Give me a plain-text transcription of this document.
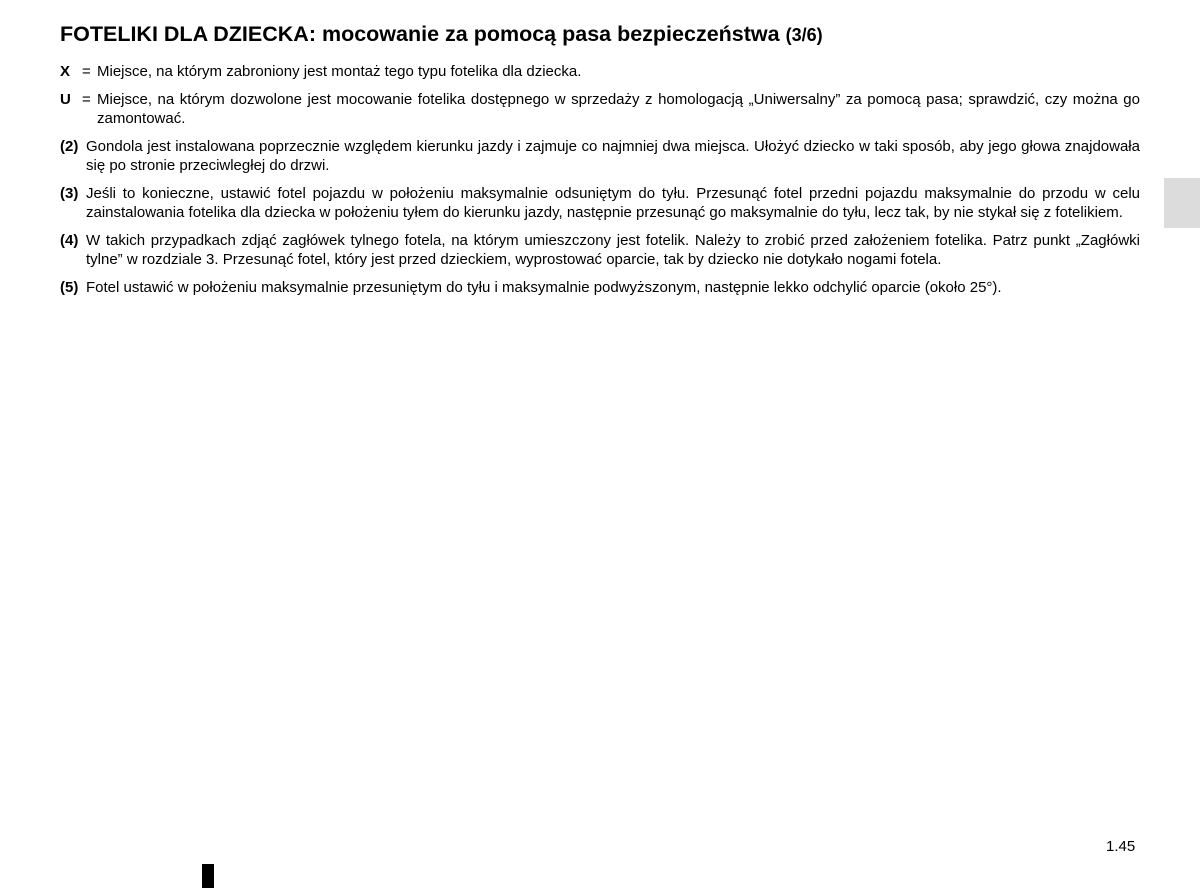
FOTELIKI DLA DZIECKA: mocowanie za pomocą pasa bezpieczeństwa (3/6)
X = Miejsce, na którym zabroniony jest montaż tego typu fotelika dla dziecka.
U = Miejsce, na którym dozwolone jest mocowanie fotelika dostępnego w sprzedaży z homologacją „Uniwersalny” za pomocą pasa; sprawdzić, czy można go zamontować.
(2) Gondola jest instalowana poprzecznie względem kierunku jazdy i zajmuje co najmniej dwa miejsca. Ułożyć dziecko w taki sposób, aby jego głowa znajdowała się po stronie przeciwległej do drzwi.
(3) Jeśli to konieczne, ustawić fotel pojazdu w położeniu maksymalnie odsuniętym do tyłu. Przesunąć fotel przedni pojazdu maksymalnie do przodu w celu zainstalowania fotelika dla dziecka w położeniu tyłem do kierunku jazdy, następnie przesunąć go maksymalnie do tyłu, lecz tak, by nie stykał się z fotelikiem.
(4) W takich przypadkach zdjąć zagłówek tylnego fotela, na którym umieszczony jest fotelik. Należy to zrobić przed założeniem fotelika. Patrz punkt „Zagłówki tylne” w rozdziale 3. Przesunąć fotel, który jest przed dzieckiem, wyprostować oparcie, tak by dziecko nie dotykało nogami fotela.
(5) Fotel ustawić w położeniu maksymalnie przesuniętym do tyłu i maksymalnie podwyższonym, następnie lekko odchylić oparcie (około 25°).
1.45
